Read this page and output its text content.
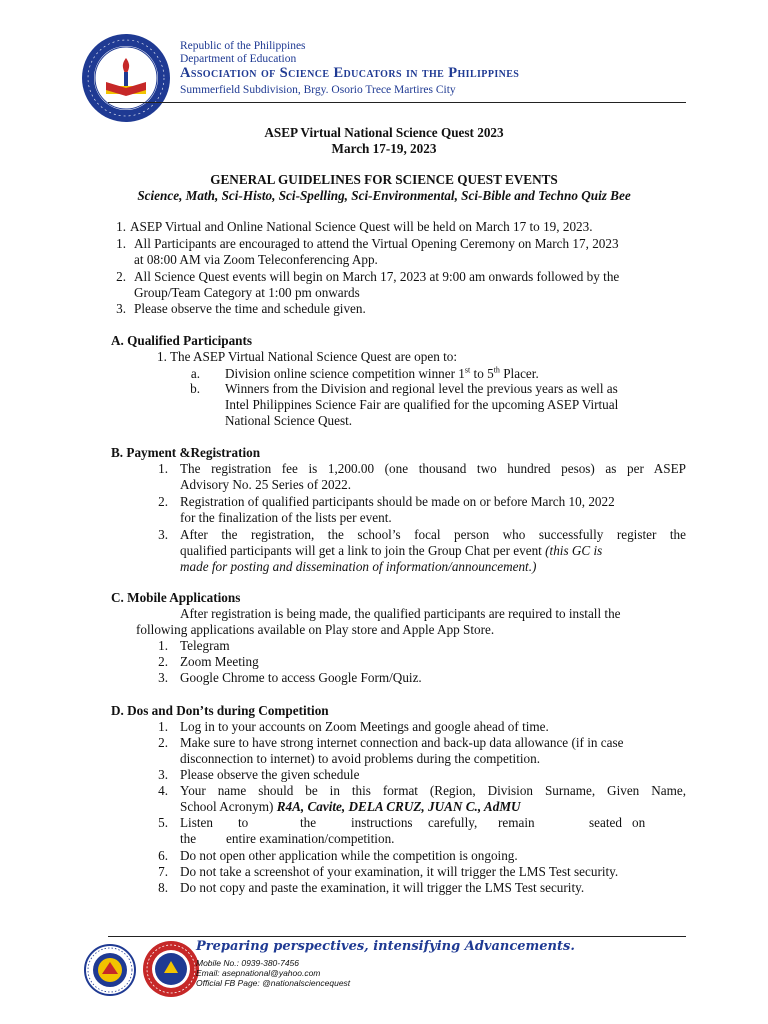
Republic of the Philippines
Department of Education
Association of Science Educators in the Philippines
Summerfield Subdivision, Brgy. Osorio Trece Martires City
ASEP Virtual National Science Quest 2023
March 17-19, 2023
GENERAL GUIDELINES FOR SCIENCE QUEST EVENTS
Science, Math, Sci-Histo, Sci-Spelling, Sci-Environmental, Sci-Bible and Techno Quiz Bee
1. ASEP Virtual and Online National Science Quest will be held on March 17 to 19, 2023.
1. All Participants are encouraged to attend the Virtual Opening Ceremony on March 17, 2023
at 08:00 AM via Zoom Teleconferencing App.
2. All Science Quest events will begin on March 17, 2023 at 9:00 am onwards followed by the
Group/Team Category at 1:00 pm onwards
3. Please observe the time and schedule given.
A. Qualified Participants
1. The ASEP Virtual National Science Quest are open to:
a. Division online science competition winner 1st to 5th Placer.
b. Winners from the Division and regional level the previous years as well as
Intel Philippines Science Fair are qualified for the upcoming ASEP Virtual
National Science Quest.
B. Payment &Registration
1. The registration fee is 1,200.00 (one thousand two hundred pesos) as per ASEP
Advisory No. 25 Series of 2022.
2. Registration of qualified participants should be made on or before March 10, 2022
for the finalization of the lists per event.
3. After the registration, the school’s focal person who successfully register the
qualified participants will get a link to join the Group Chat per event (this GC is
made for posting and dissemination of information/announcement.)
C. Mobile Applications
After registration is being made, the qualified participants are required to install the
following applications available on Play store and Apple App Store.
1. Telegram
2. Zoom Meeting
3. Google Chrome to access Google Form/Quiz.
D. Dos and Don’ts during Competition
1. Log in to your accounts on Zoom Meetings and google ahead of time.
2. Make sure to have strong internet connection and back-up data allowance (if in case
disconnection to internet) to avoid problems during the competition.
3. Please observe the given schedule
4. Your name should be in this format (Region, Division Surname, Given Name,
School Acronym) R4A, Cavite, DELA CRUZ, JUAN C., AdMU
5. Listen to	the	instructions carefully, remain	seated on
the entire examination/competition.
6. Do not open other application while the competition is ongoing.
7. Do not take a screenshot of your examination, it will trigger the LMS Test security.
8. Do not copy and paste the examination, it will trigger the LMS Test security.
Preparing perspectives, intensifying Advancements.
Mobile No.: 0939-380-7456
Email: asepnational@yahoo.com
Official FB Page: @nationalsciencequest
